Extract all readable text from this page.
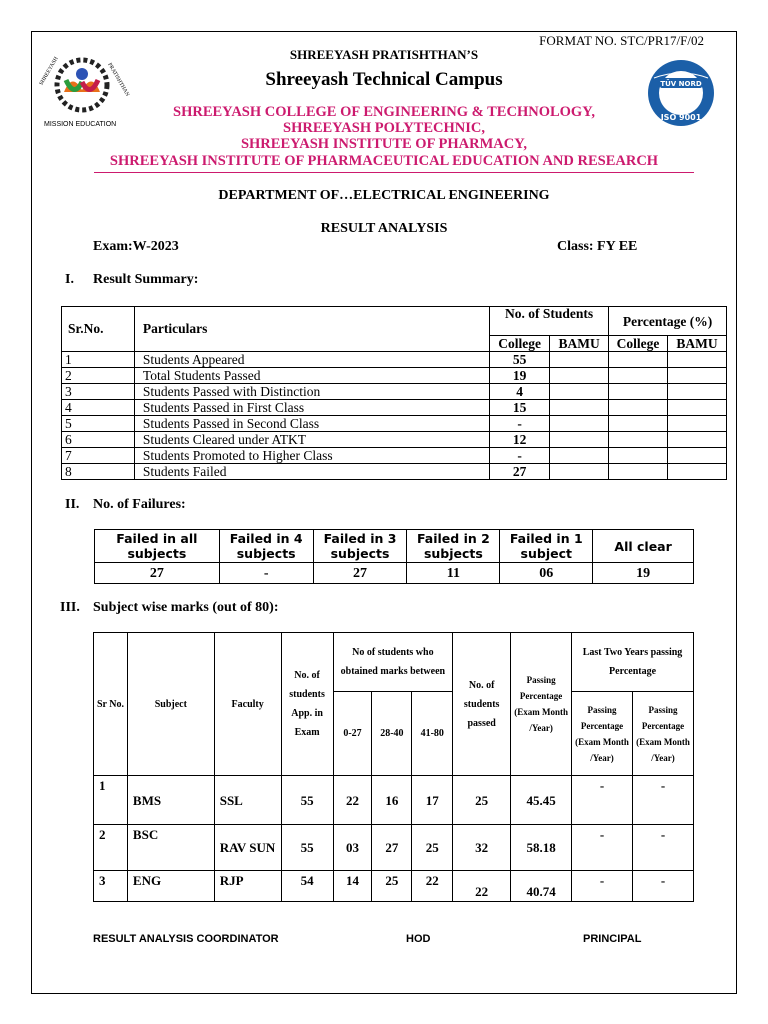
FORMAT NO. STC/PR17/F/02
SHREEYASH	PRATISHTHAN
MISSION EDUCATION
TÜV NORD
ISO 9001
SHREEYASH PRATISHTHAN’S
Shreeyash Technical Campus
SHREEYASH COLLEGE OF ENGINEERING & TECHNOLOGY,
SHREEYASH POLYTECHNIC,
SHREEYASH INSTITUTE OF PHARMACY,
SHREEYASH INSTITUTE OF PHARMACEUTICAL EDUCATION AND RESEARCH
DEPARTMENT OF…ELECTRICAL ENGINEERING
RESULT ANALYSIS
Exam:W-2023	Class: FY EE
I. Result Summary:
Sr.No.	Particulars	No. of Students		Percentage (%)	
		College	BAMU	College	BAMU
1	Students Appeared	55			
2	Total Students Passed	19			
3	Students Passed with Distinction	4			
4	Students Passed in First Class	15			
5	Students Passed in Second Class	-			
6	Students Cleared under ATKT	12			
7	Students Promoted to Higher Class	-			
8	Students Failed	27			
II. No. of Failures:
Failed in all subjects	Failed in 4 subjects	Failed in 3 subjects	Failed in 2 subjects	Failed in 1 subject	All clear
27	-	27	11	06	19
III. Subject wise marks (out of 80):
Sr No.	Subject	Faculty	No. of students App. in Exam	No of students who obtained marks between			No. of students passed	Passing Percentage (Exam Month /Year)	Last Two Years passing Percentage	
				0-27	28-40	41-80			Passing Percentage (Exam Month /Year)	Passing Percentage (Exam Month /Year)
1	BMS	SSL	55	22	16	17	25	45.45	-	-
2	BSC	RAV SUN	55	03	27	25	32	58.18	-	-
3	ENG	RJP	54	14	25	22	22	40.74	-	-
RESULT ANALYSIS COORDINATOR	HOD	PRINCIPAL
